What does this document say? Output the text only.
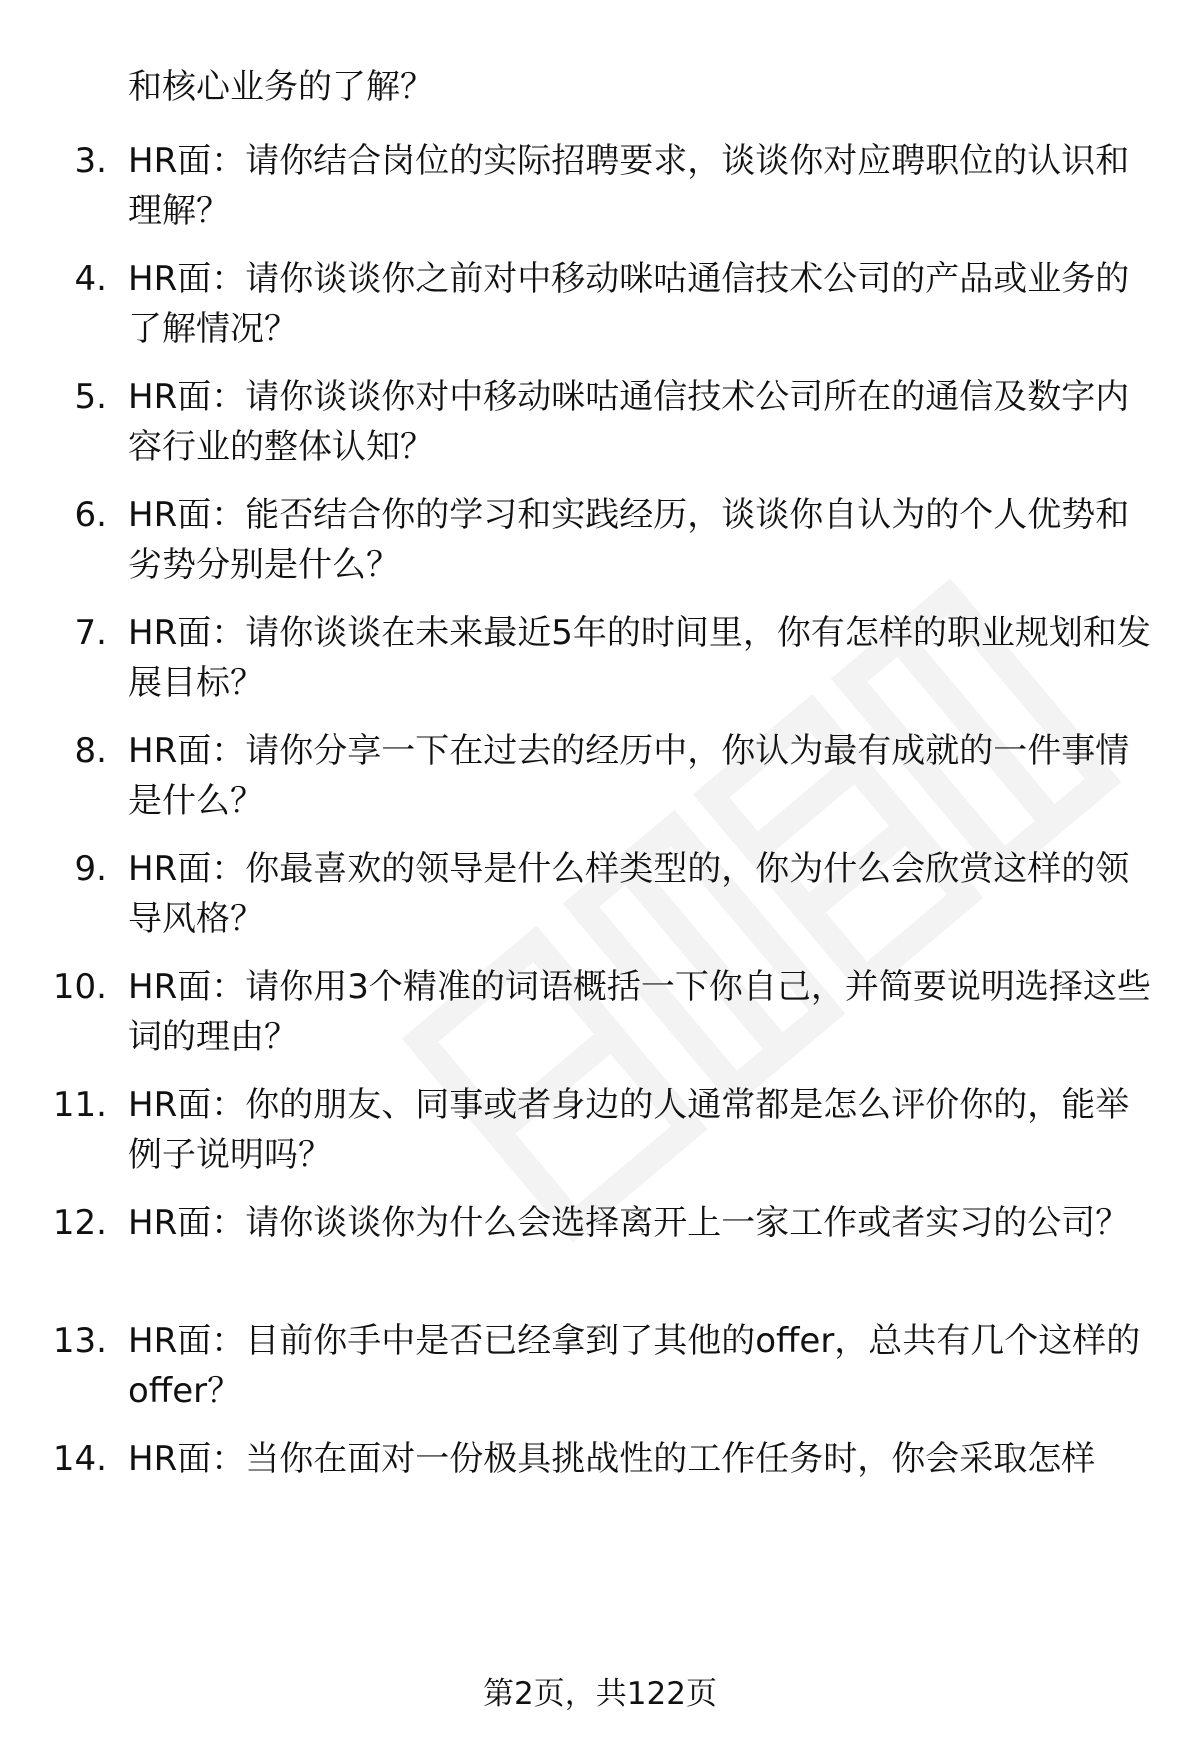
和核心业务的了解？
3. HR面：请你结合岗位的实际招聘要求，谈谈你对应聘职位的认识和理解？
4. HR面：请你谈谈你之前对中移动咪咕通信技术公司的产品或业务的了解情况？
5. HR面：请你谈谈你对中移动咪咕通信技术公司所在的通信及数字内容行业的整体认知？
6. HR面：能否结合你的学习和实践经历，谈谈你自认为的个人优势和劣势分别是什么？
7. HR面：请你谈谈在未来最近5年的时间里，你有怎样的职业规划和发展目标？
8. HR面：请你分享一下在过去的经历中，你认为最有成就的一件事情是什么？
9. HR面：你最喜欢的领导是什么样类型的，你为什么会欣赏这样的领导风格？
10. HR面：请你用3个精准的词语概括一下你自己，并简要说明选择这些词的理由？
11. HR面：你的朋友、同事或者身边的人通常都是怎么评价你的，能举例子说明吗？
12. HR面：请你谈谈你为什么会选择离开上一家工作或者实习的公司？
13. HR面：目前你手中是否已经拿到了其他的offer，总共有几个这样的offer？
14. HR面：当你在面对一份极具挑战性的工作任务时，你会采取怎样
第2页，共122页
